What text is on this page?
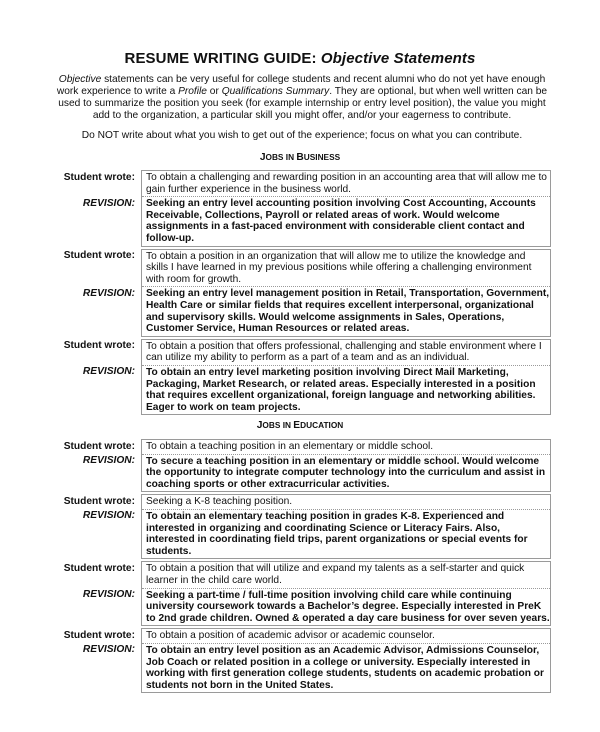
RESUME WRITING GUIDE: Objective Statements
Objective statements can be very useful for college students and recent alumni who do not yet have enough work experience to write a Profile or Qualifications Summary. They are optional, but when well written can be used to summarize the position you seek (for example internship or entry level position), the value you might add to the organization, a particular skill you might offer, and/or your eagerness to contribute.
Do NOT write about what you wish to get out of the experience; focus on what you can contribute.
JOBS IN BUSINESS
Student wrote:	To obtain a challenging and rewarding position in an accounting area that will allow me to gain further experience in the business world.
REVISION:	Seeking an entry level accounting position involving Cost Accounting, Accounts Receivable, Collections, Payroll or related areas of work. Would welcome assignments in a fast-paced environment with considerable client contact and follow-up.

Student wrote:	To obtain a position in an organization that will allow me to utilize the knowledge and skills I have learned in my previous positions while offering a challenging environment with room for growth.
REVISION:	Seeking an entry level management position in Retail, Transportation, Government, Health Care or similar fields that requires excellent interpersonal, organizational and supervisory skills. Would welcome assignments in Sales, Operations, Customer Service, Human Resources or related areas.

Student wrote:	To obtain a position that offers professional, challenging and stable environment where I can utilize my ability to perform as a part of a team and as an individual.
REVISION:	To obtain an entry level marketing position involving Direct Mail Marketing, Packaging, Market Research, or related areas. Especially interested in a position that requires excellent organizational, foreign language and networking abilities. Eager to work on team projects.
JOBS IN EDUCATION
Student wrote:	To obtain a teaching position in an elementary or middle school.
REVISION:	To secure a teaching position in an elementary or middle school. Would welcome the opportunity to integrate computer technology into the curriculum and assist in coaching sports or other extracurricular activities.

Student wrote:	Seeking a K-8 teaching position.
REVISION:	To obtain an elementary teaching position in grades K-8. Experienced and interested in organizing and coordinating Science or Literacy Fairs. Also, interested in coordinating field trips, parent organizations or special events for students.

Student wrote:	To obtain a position that will utilize and expand my talents as a self-starter and quick learner in the child care world.
REVISION:	Seeking a part-time / full-time position involving child care while continuing university coursework towards a Bachelor’s degree. Especially interested in PreK to 2nd grade children. Owned & operated a day care business for over seven years.

Student wrote:	To obtain a position of academic advisor or academic counselor.
REVISION:	To obtain an entry level position as an Academic Advisor, Admissions Counselor, Job Coach or related position in a college or university. Especially interested in working with first generation college students, students on academic probation or students not born in the United States.
